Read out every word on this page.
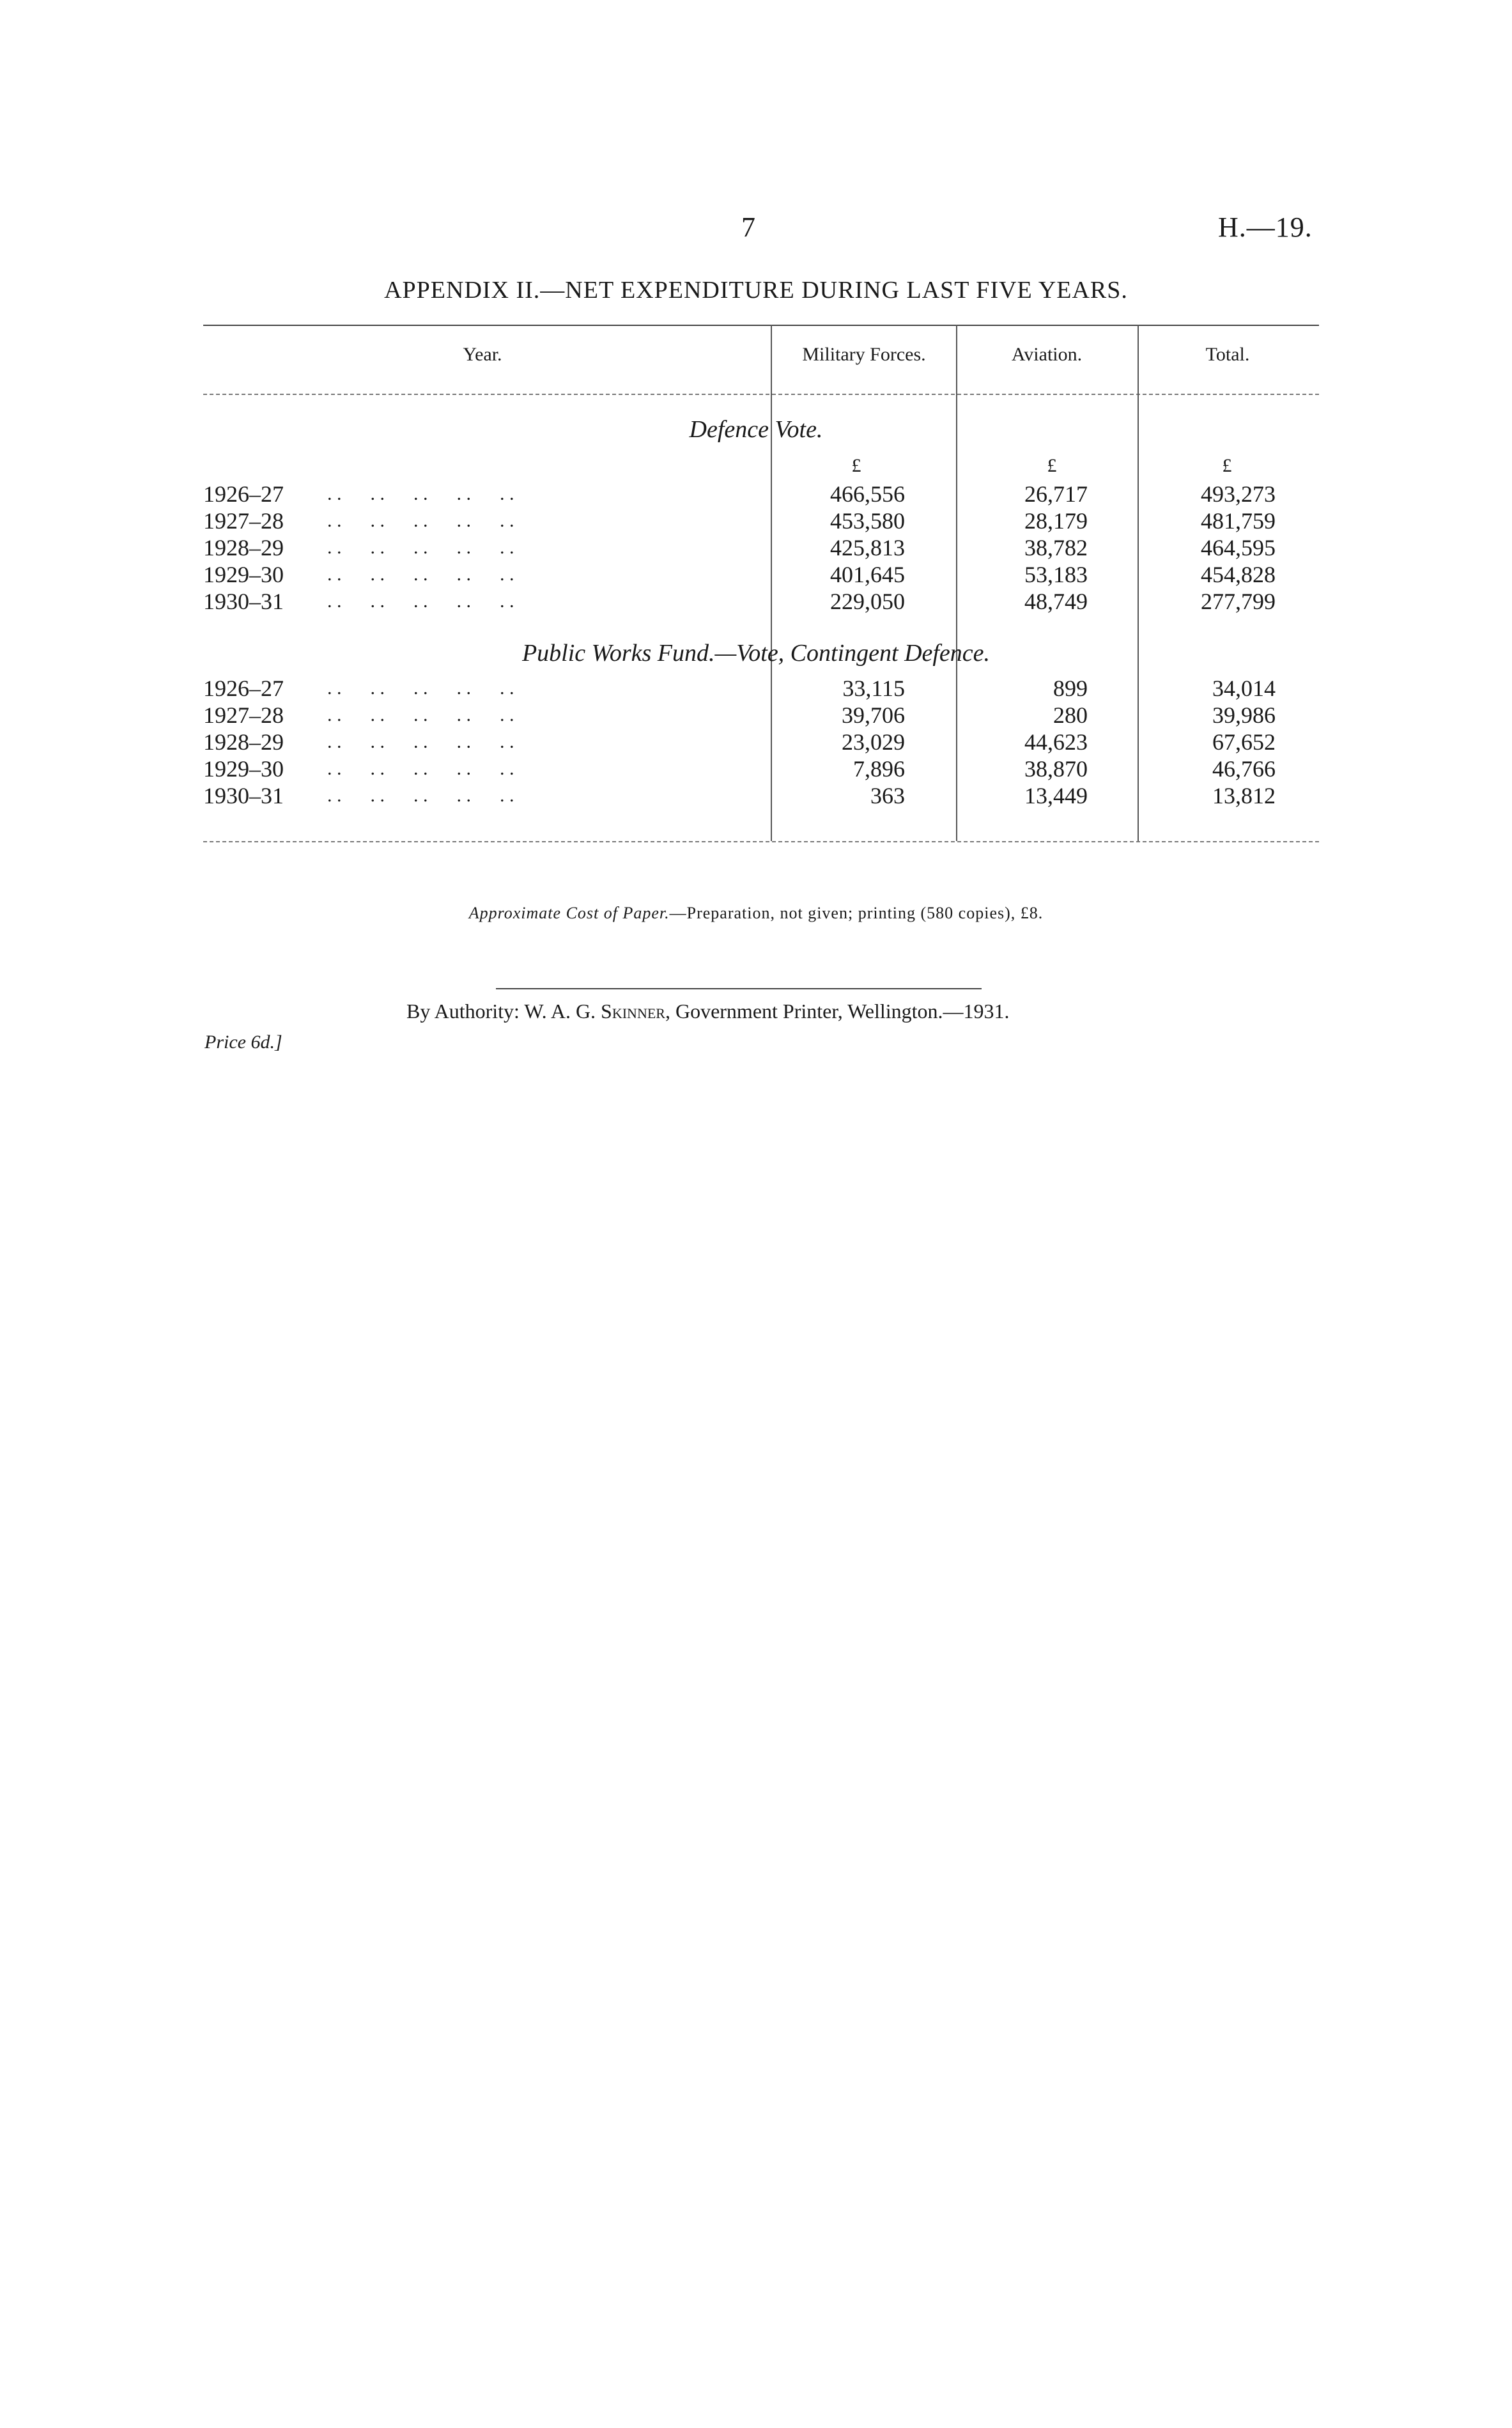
7	H.—19.
APPENDIX II.—NET EXPENDITURE DURING LAST FIVE YEARS.
Year.	Military Forces.	Aviation.	Total.
Defence Vote.
£	£	£
1926–27 . .      . .      . .      . .      . .	466,556	26,717	493,273
1927–28 . .      . .      . .      . .      . .	453,580	28,179	481,759
1928–29 . .      . .      . .      . .      . .	425,813	38,782	464,595
1929–30 . .      . .      . .      . .      . .	401,645	53,183	454,828
1930–31 . .      . .      . .      . .      . .	229,050	48,749	277,799
Public Works Fund.—Vote, Contingent Defence.
1926–27 . .      . .      . .      . .      . .	33,115	899	34,014
1927–28 . .      . .      . .      . .      . .	39,706	280	39,986
1928–29 . .      . .      . .      . .      . .	23,029	44,623	67,652
1929–30 . .      . .      . .      . .      . .	7,896	38,870	46,766
1930–31 . .      . .      . .      . .      . .	363	13,449	13,812
Approximate Cost of Paper.—Preparation, not given; printing (580 copies), £8.
By Authority: W. A. G. Skinner, Government Printer, Wellington.—1931.
Price 6d.]
